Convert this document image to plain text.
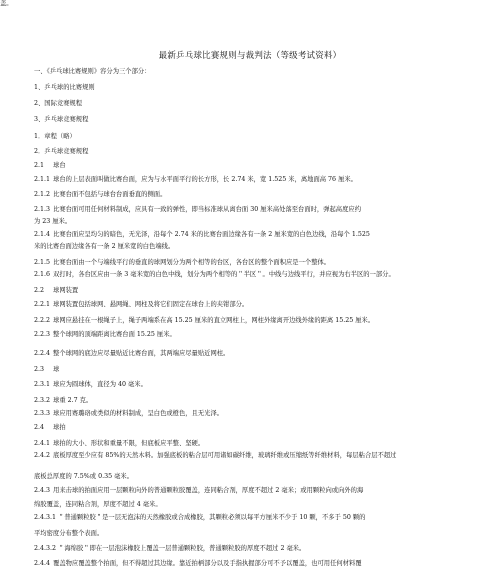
最新乒乓球比赛规则与裁判法（等级考试资料）
一、《乒乓球比赛规则》容分为三个部分：
1、乒乓球的比赛规则
2、国际竞赛规程
3、乒乓球竞赛规程
1．章程（略）
2．乒乓球竞赛规程
2.1 球台
2.1.1 球台的上层表面叫做比赛台面，应为与水平面平行的长方形，长 2.74 米，宽 1.525 米，离地面高 76 厘米。
2.1.2 比赛台面不包括与球台台面垂直的侧面。
2.1.3 比赛台面可用任何材料制成，应具有一致的弹性，即当标准球从离台面 30 厘米高处落至台面时，弹起高度应约
为 23 厘米。
2.1.4 比赛台面应呈均匀的暗色，无光泽，沿每个 2.74 米的比赛台面边缘各有一条 2 厘米宽的白色边线，沿每个 1.525
米的比赛台面边缘各有一条 2 厘米宽的白色端线。
2.1.5 比赛台面由一个与端线平行的垂直的球网划分为两个相等的台区，各台区的整个面积应是一个整体。
2.1.6 双打时，各台区应由一条 3 毫米宽的白色中线，划分为两个相等的＂半区＂。中线与边线平行，并应视为右半区的一部分。
2.2 球网装置
2.2.1 球网装置包括球网、悬网绳、网柱及将它们固定在球台上的夹钳部分。
2.2.2 球网应悬挂在一根绳子上，绳子两端系在高 15.25 厘米的直立网柱上，网柱外缘离开边线外缘的距离 15.25 厘米。
2.2.3 整个球网的顶端距离比赛台面 15.25 厘米。
2.2.4 整个球网的底边应尽量贴近比赛台面，其两端应尽量贴近网柱。
2.3 球
2.3.1 球应为圆球体，直径为 40 毫米。
2.3.2 球重 2.7 克。
2.3.3 球应用赛璐珞或类似的材料制成，呈白色或橙色，且无光泽。
2.4 球拍
2.4.1 球拍的大小、形状和重量不限，但底板应平整、坚硬。
2.4.2 底板厚度至少应有 85%的天然木料。加强底板的粘合层可用诸如碳纤维，玻璃纤维或压缩纸等纤维材料，每层粘合层不超过
底板总厚度的 7.5%或 0.35 毫米。
2.4.3 用来击球的拍面应用一层颗粒向外的普通颗粒胶覆盖，连同粘合剂，厚度不超过 2 毫米；或用颗粒向或向外的海
绵胶覆盖，连同粘合剂，厚度不超过 4 毫米。
2.4.3.1 ＂普通颗粒胶＂是一层无泡沫的天然橡胶或合成橡胶，其颗粒必须以每平方厘米不少于 10 颗，不多于 50 颗的
平均密度分布整个表面。
2.4.3.2 ＂海绵胶＂即在一层泡沫橡胶上覆盖一层普通颗粒胶，普通颗粒胶的厚度不超过 2 毫米。
2.4.4 覆盖物应覆盖整个拍面，但不得超过其边缘。靠近拍柄部分以及手指执握部分可不予以覆盖，也可用任何材料覆
盖。
